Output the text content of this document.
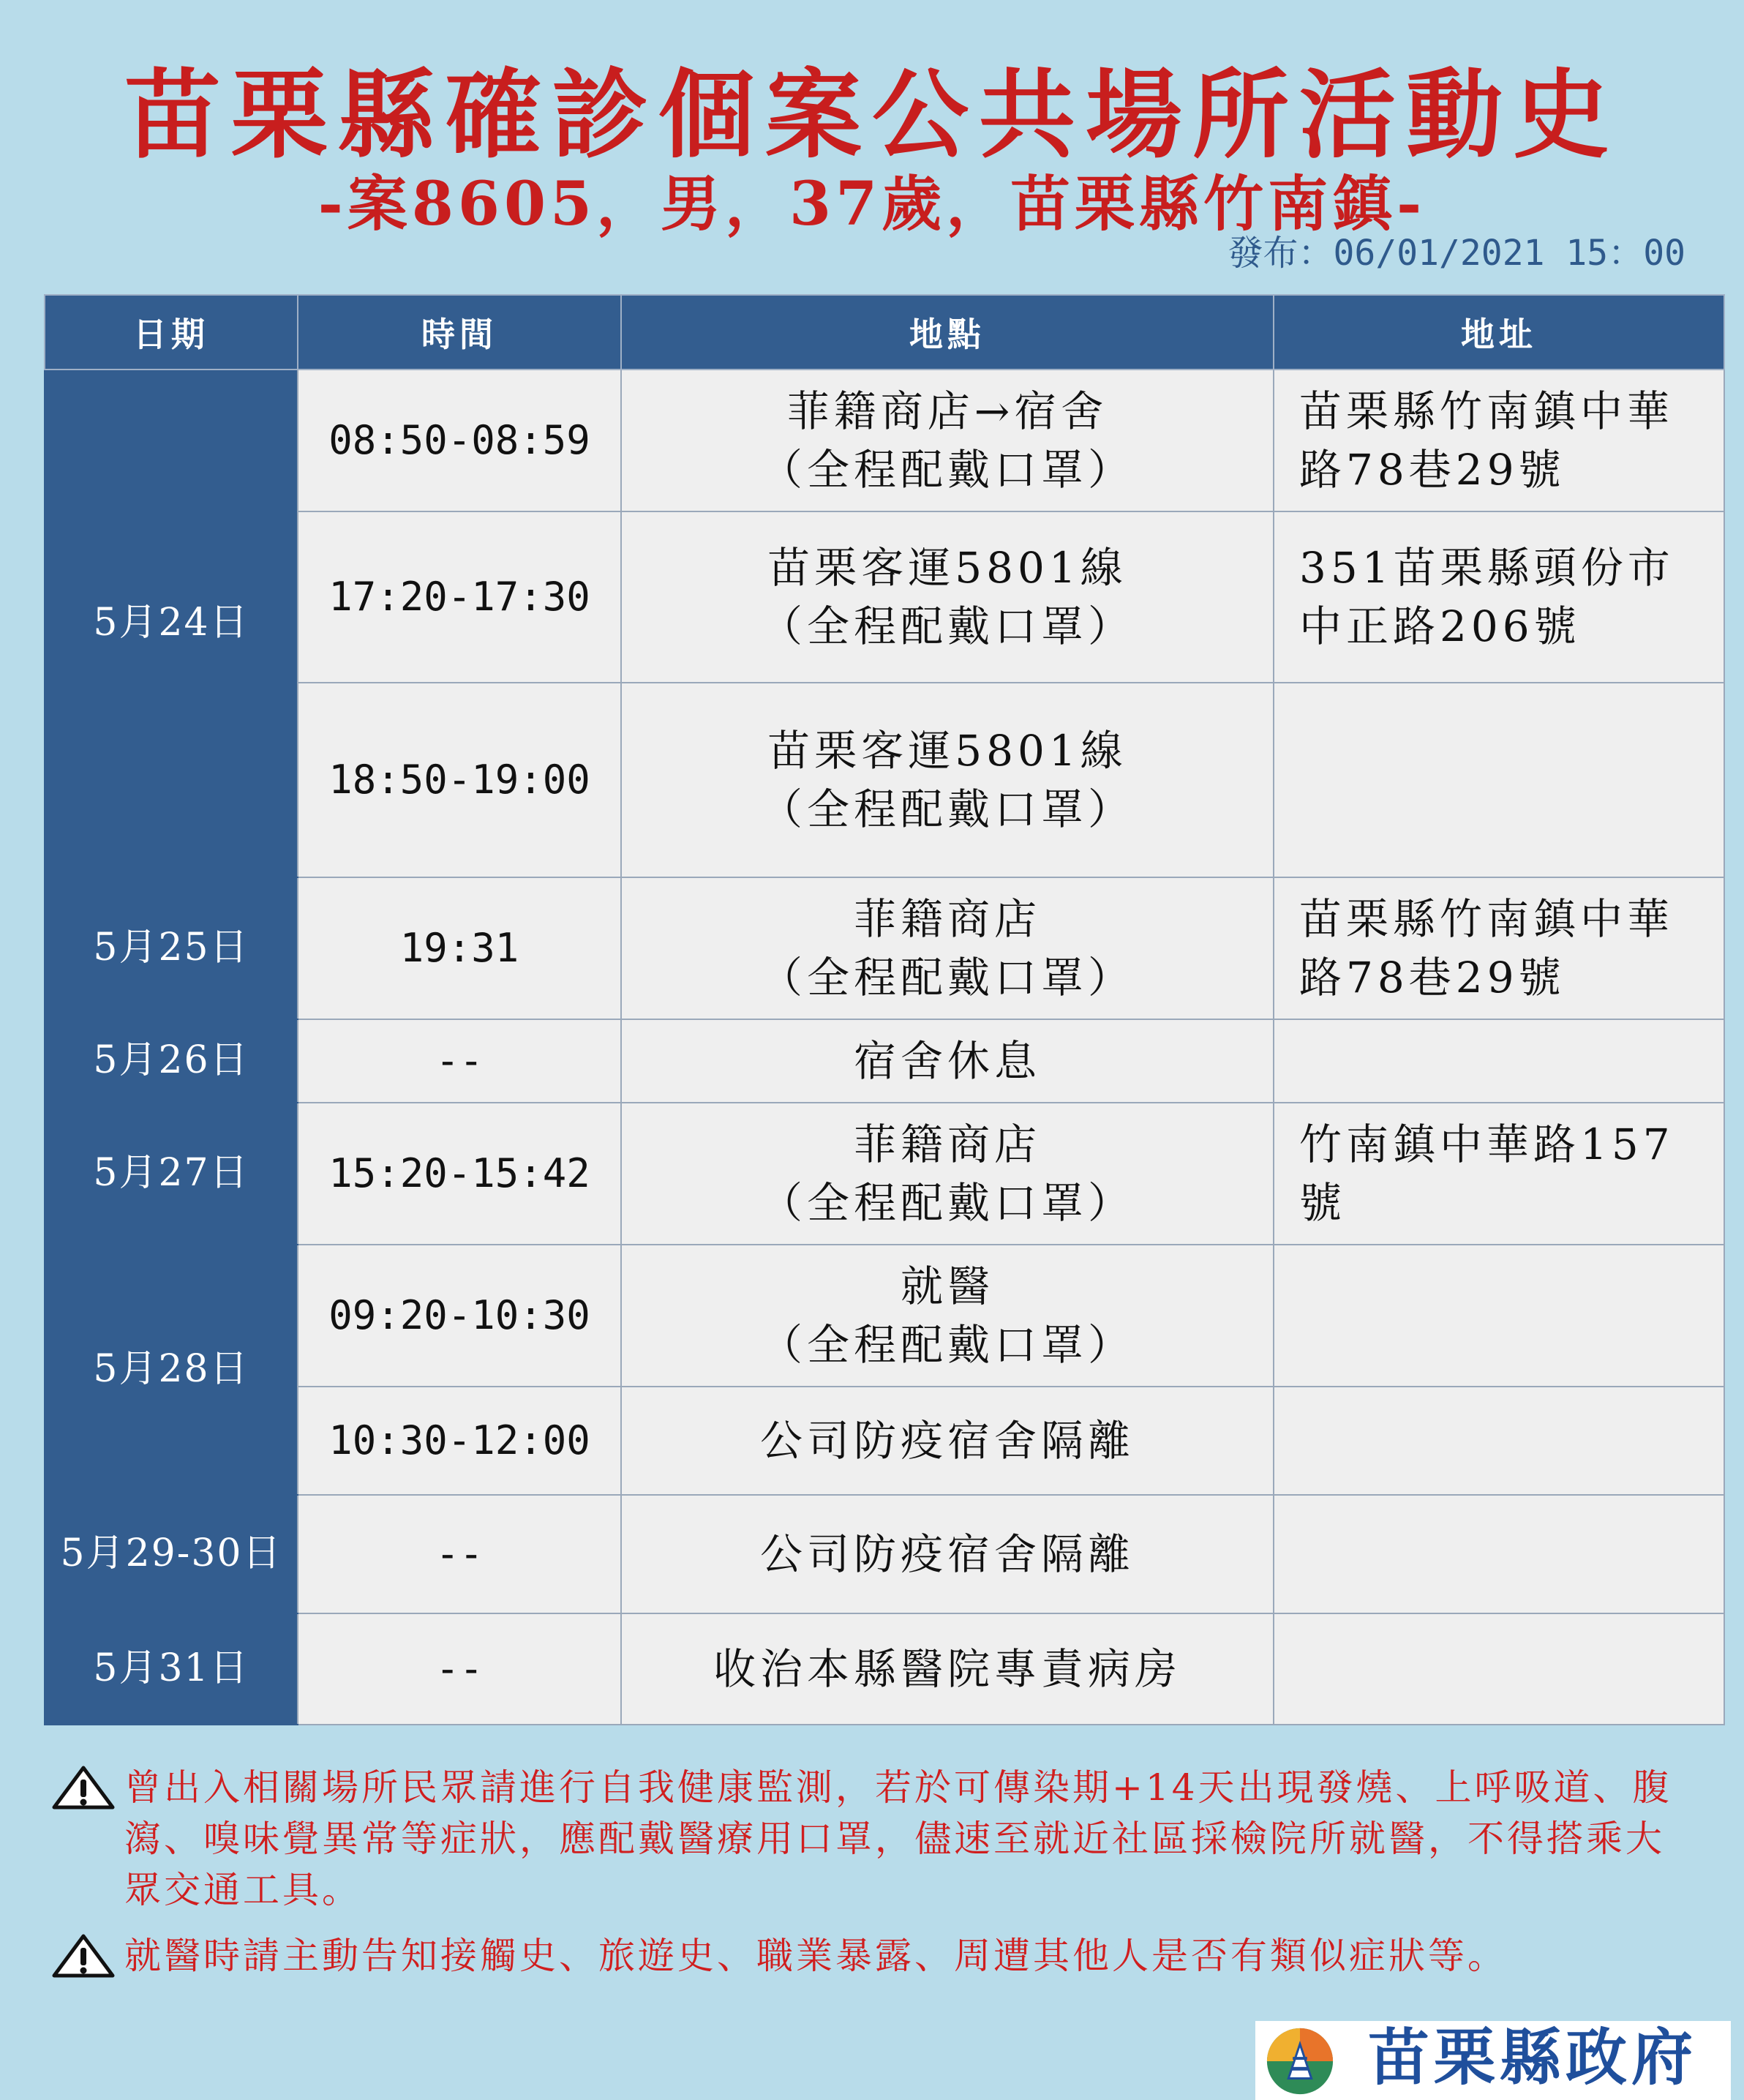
苗栗縣確診個案公共場所活動史
-案8605，男，37歲，苗栗縣竹南鎮-
發布：06/01/2021 15：00
日期	時間	地點	地址
5月24日	08:50-08:59	菲籍商店→宿舍
（全程配戴口罩）	苗栗縣竹南鎮中華
路78巷29號

	17:20-17:30	苗栗客運5801線
（全程配戴口罩）	351苗栗縣頭份市
中正路206號

	18:50-19:00	苗栗客運5801線
（全程配戴口罩）	

5月25日	19:31	菲籍商店
（全程配戴口罩）	苗栗縣竹南鎮中華
路78巷29號

5月26日	--	宿舍休息	

5月27日	15:20-15:42	菲籍商店
（全程配戴口罩）	竹南鎮中華路157
號

5月28日	09:20-10:30	就醫
（全程配戴口罩）	

	10:30-12:00	公司防疫宿舍隔離	

5月29-30日	--	公司防疫宿舍隔離	

5月31日	--	收治本縣醫院專責病房	

曾出入相關場所民眾請進行自我健康監測，若於可傳染期+14天出現發燒、上呼吸道、腹瀉、嗅味覺異常等症狀，應配戴醫療用口罩，儘速至就近社區採檢院所就醫，不得搭乘大眾交通工具。
就醫時請主動告知接觸史、旅遊史、職業暴露、周遭其他人是否有類似症狀等。
苗栗縣政府
